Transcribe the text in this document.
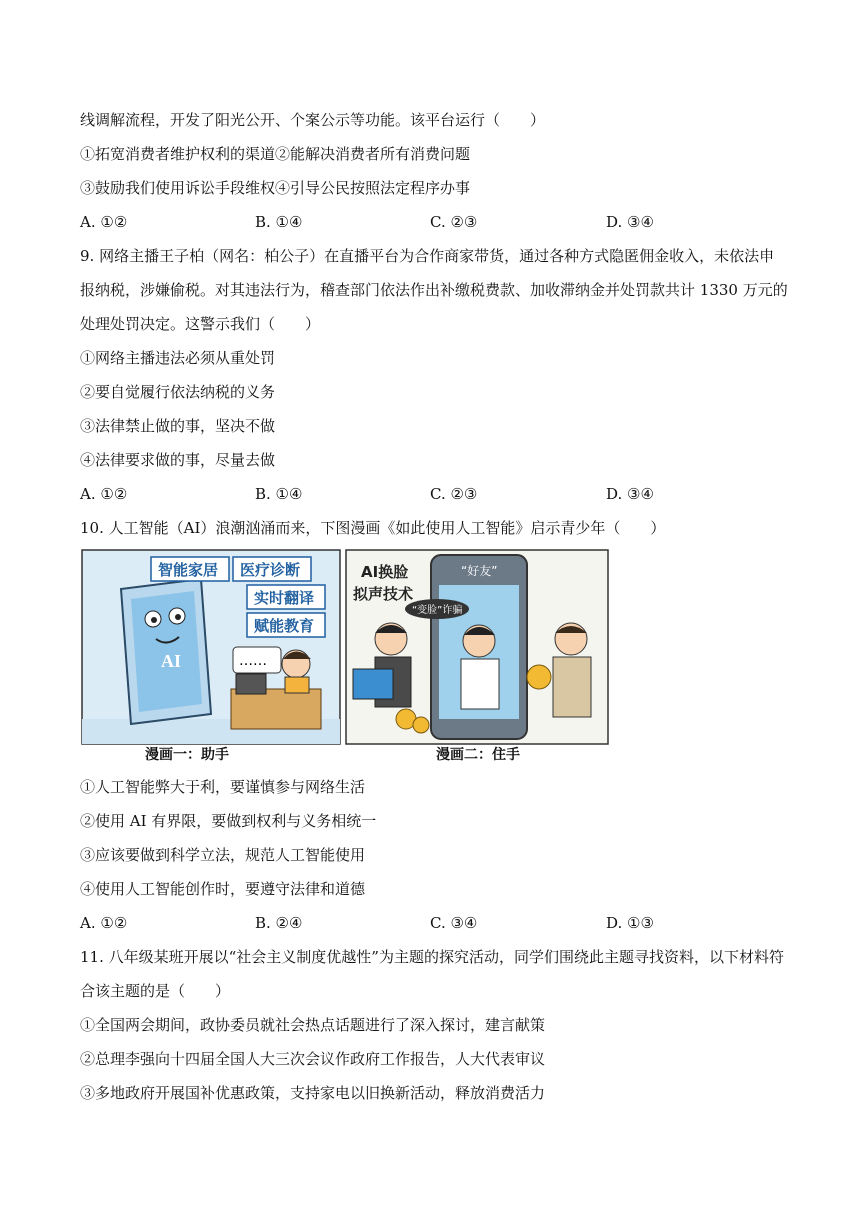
线调解流程，开发了阳光公开、个案公示等功能。该平台运行（　　）
①拓宽消费者维护权利的渠道②能解决消费者所有消费问题
③鼓励我们使用诉讼手段维权④引导公民按照法定程序办事
A. ①②	B. ①④	C. ②③	D. ③④
9. 网络主播王子柏（网名：柏公子）在直播平台为合作商家带货，通过各种方式隐匿佣金收入，未依法申
报纳税，涉嫌偷税。对其违法行为，稽查部门依法作出补缴税费款、加收滞纳金并处罚款共计 1330 万元的
处理处罚决定。这警示我们（　　）
①网络主播违法必须从重处罚
②要自觉履行依法纳税的义务
③法律禁止做的事，坚决不做
④法律要求做的事，尽量去做
A. ①②	B. ①④	C. ②③	D. ③④
10. 人工智能（AI）浪潮汹涌而来，下图漫画《如此使用人工智能》启示青少年（　　）
AI
智能家居 医疗诊断
实时翻译
赋能教育
……
AI换脸
拟声技术
“好友”
“变脸”诈骗
漫画一：助手	漫画二：住手
①人工智能弊大于利，要谨慎参与网络生活
②使用 AI 有界限，要做到权利与义务相统一
③应该要做到科学立法，规范人工智能使用
④使用人工智能创作时，要遵守法律和道德
A. ①②	B. ②④	C. ③④	D. ①③
11. 八年级某班开展以“社会主义制度优越性”为主题的探究活动，同学们围绕此主题寻找资料，以下材料符
合该主题的是（　　）
①全国两会期间，政协委员就社会热点话题进行了深入探讨，建言献策
②总理李强向十四届全国人大三次会议作政府工作报告，人大代表审议
③多地政府开展国补优惠政策，支持家电以旧换新活动，释放消费活力
